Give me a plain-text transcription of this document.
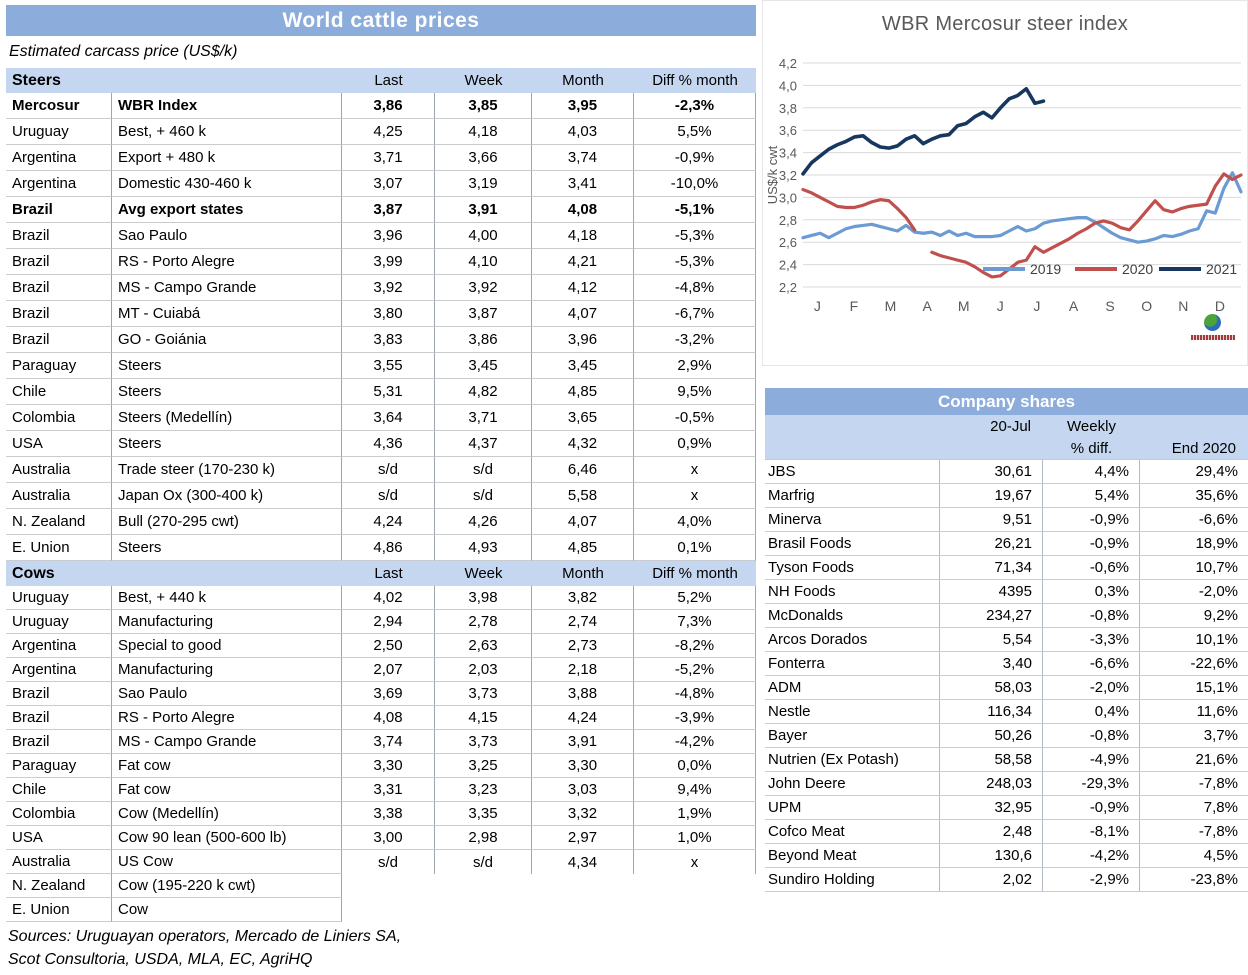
World cattle prices
Estimated carcass price (US$/k)
Steers	Last	Week	Month	Diff % month
Mercosur	WBR Index	3,86	3,85	3,95	-2,3%
Uruguay	Best, + 460 k	4,25	4,18	4,03	5,5%
Argentina	Export + 480 k	3,71	3,66	3,74	-0,9%
Argentina	Domestic 430-460 k	3,07	3,19	3,41	-10,0%
Brazil	Avg export states	3,87	3,91	4,08	-5,1%
Brazil	Sao Paulo	3,96	4,00	4,18	-5,3%
Brazil	RS - Porto Alegre	3,99	4,10	4,21	-5,3%
Brazil	MS - Campo Grande	3,92	3,92	4,12	-4,8%
Brazil	MT - Cuiabá	3,80	3,87	4,07	-6,7%
Brazil	GO - Goiánia	3,83	3,86	3,96	-3,2%
Paraguay	Steers	3,55	3,45	3,45	2,9%
Chile	Steers	5,31	4,82	4,85	9,5%
Colombia	Steers (Medellín)	3,64	3,71	3,65	-0,5%
USA	Steers	4,36	4,37	4,32	0,9%
Australia	Trade steer (170-230 k)	s/d	s/d	6,46	x
Australia	Japan Ox (300-400 k)	s/d	s/d	5,58	x
N. Zealand	Bull (270-295 cwt)	4,24	4,26	4,07	4,0%
E. Union	Steers	4,86	4,93	4,85	0,1%
Cows	Last	Week	Month	Diff % month
Uruguay	Best, + 440 k	4,02	3,98	3,82	5,2%
Uruguay	Manufacturing	2,94	2,78	2,74	7,3%
Argentina	Special to good	2,50	2,63	2,73	-8,2%
Argentina	Manufacturing	2,07	2,03	2,18	-5,2%
Brazil	Sao Paulo	3,69	3,73	3,88	-4,8%
Brazil	RS - Porto Alegre	4,08	4,15	4,24	-3,9%
Brazil	MS - Campo Grande	3,74	3,73	3,91	-4,2%
Paraguay	Fat cow	3,30	3,25	3,30	0,0%
Chile	Fat cow	3,31	3,23	3,03	9,4%
Colombia	Cow (Medellín)	3,38	3,35	3,32	1,9%
USA	Cow 90 lean (500-600 lb)	3,00	2,98	2,97	1,0%
Australia	US Cow	s/d	s/d	4,34	x
N. Zealand	Cow (195-220 k cwt)
E. Union	Cow
Sources: Uruguayan operators, Mercado de Liniers SA,
Scot Consultoria, USDA, MLA, EC, AgriHQ
2,2
2,4
2,6
2,8
3,0
3,2
3,4
3,6
3,8
4,0
4,2
J F M A M J J A S O N D
US$/k cwt
2019	2020	2021
WBR Mercosur steer index
Company shares
20-Jul	Weekly
% diff.	End 2020
JBS	30,61	4,4%	29,4%
Marfrig	19,67	5,4%	35,6%
Minerva	9,51	-0,9%	-6,6%
Brasil Foods	26,21	-0,9%	18,9%
Tyson Foods	71,34	-0,6%	10,7%
NH Foods	4395	0,3%	-2,0%
McDonalds	234,27	-0,8%	9,2%
Arcos Dorados	5,54	-3,3%	10,1%
Fonterra	3,40	-6,6%	-22,6%
ADM	58,03	-2,0%	15,1%
Nestle	116,34	0,4%	11,6%
Bayer	50,26	-0,8%	3,7%
Nutrien (Ex Potash)	58,58	-4,9%	21,6%
John Deere	248,03	-29,3%	-7,8%
UPM	32,95	-0,9%	7,8%
Cofco Meat	2,48	-8,1%	-7,8%
Beyond Meat	130,6	-4,2%	4,5%
Sundiro Holding	2,02	-2,9%	-23,8%
